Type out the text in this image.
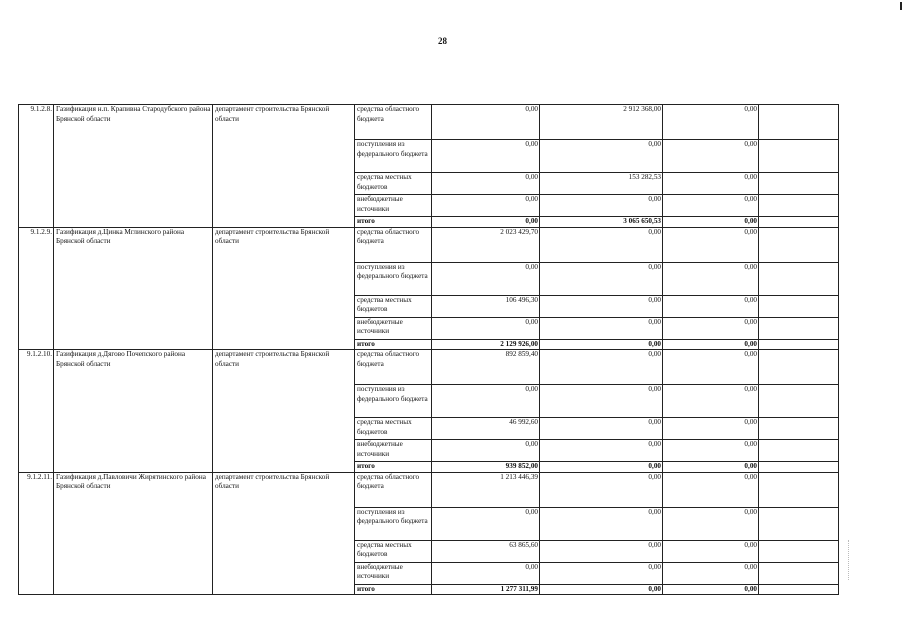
28
9.1.2.8.	Газификация н.п. Крапивна Стародубского района Брянской области	департамент строительства Брянской области	средства областного бюджета	0,00	2 912 368,00	0,00	
			поступления из федерального бюджета	0,00	0,00	0,00	
			средства местных бюджетов	0,00	153 282,53	0,00	
			внебюджетные источники	0,00	0,00	0,00	
			итого	0,00	3 065 650,53	0,00	
9.1.2.9.	Газификация д.Цинка Мглинского района Брянской области	департамент строительства Брянской области	средства областного бюджета	2 023 429,70	0,00	0,00	
			поступления из федерального бюджета	0,00	0,00	0,00	
			средства местных бюджетов	106 496,30	0,00	0,00	
			внебюджетные источники	0,00	0,00	0,00	
			итого	2 129 926,00	0,00	0,00	
9.1.2.10.	Газификация д.Дягово Почепского района Брянской области	департамент строительства Брянской области	средства областного бюджета	892 859,40	0,00	0,00	
			поступления из федерального бюджета	0,00	0,00	0,00	
			средства местных бюджетов	46 992,60	0,00	0,00	
			внебюджетные источники	0,00	0,00	0,00	
			итого	939 852,00	0,00	0,00	
9.1.2.11.	Газификация д.Павловичи Жирятинского района Брянской области	департамент строительства Брянской области	средства областного бюджета	1 213 446,39	0,00	0,00	
			поступления из федерального бюджета	0,00	0,00	0,00	
			средства местных бюджетов	63 865,60	0,00	0,00	
			внебюджетные источники	0,00	0,00	0,00	
			итого	1 277 311,99	0,00	0,00	
